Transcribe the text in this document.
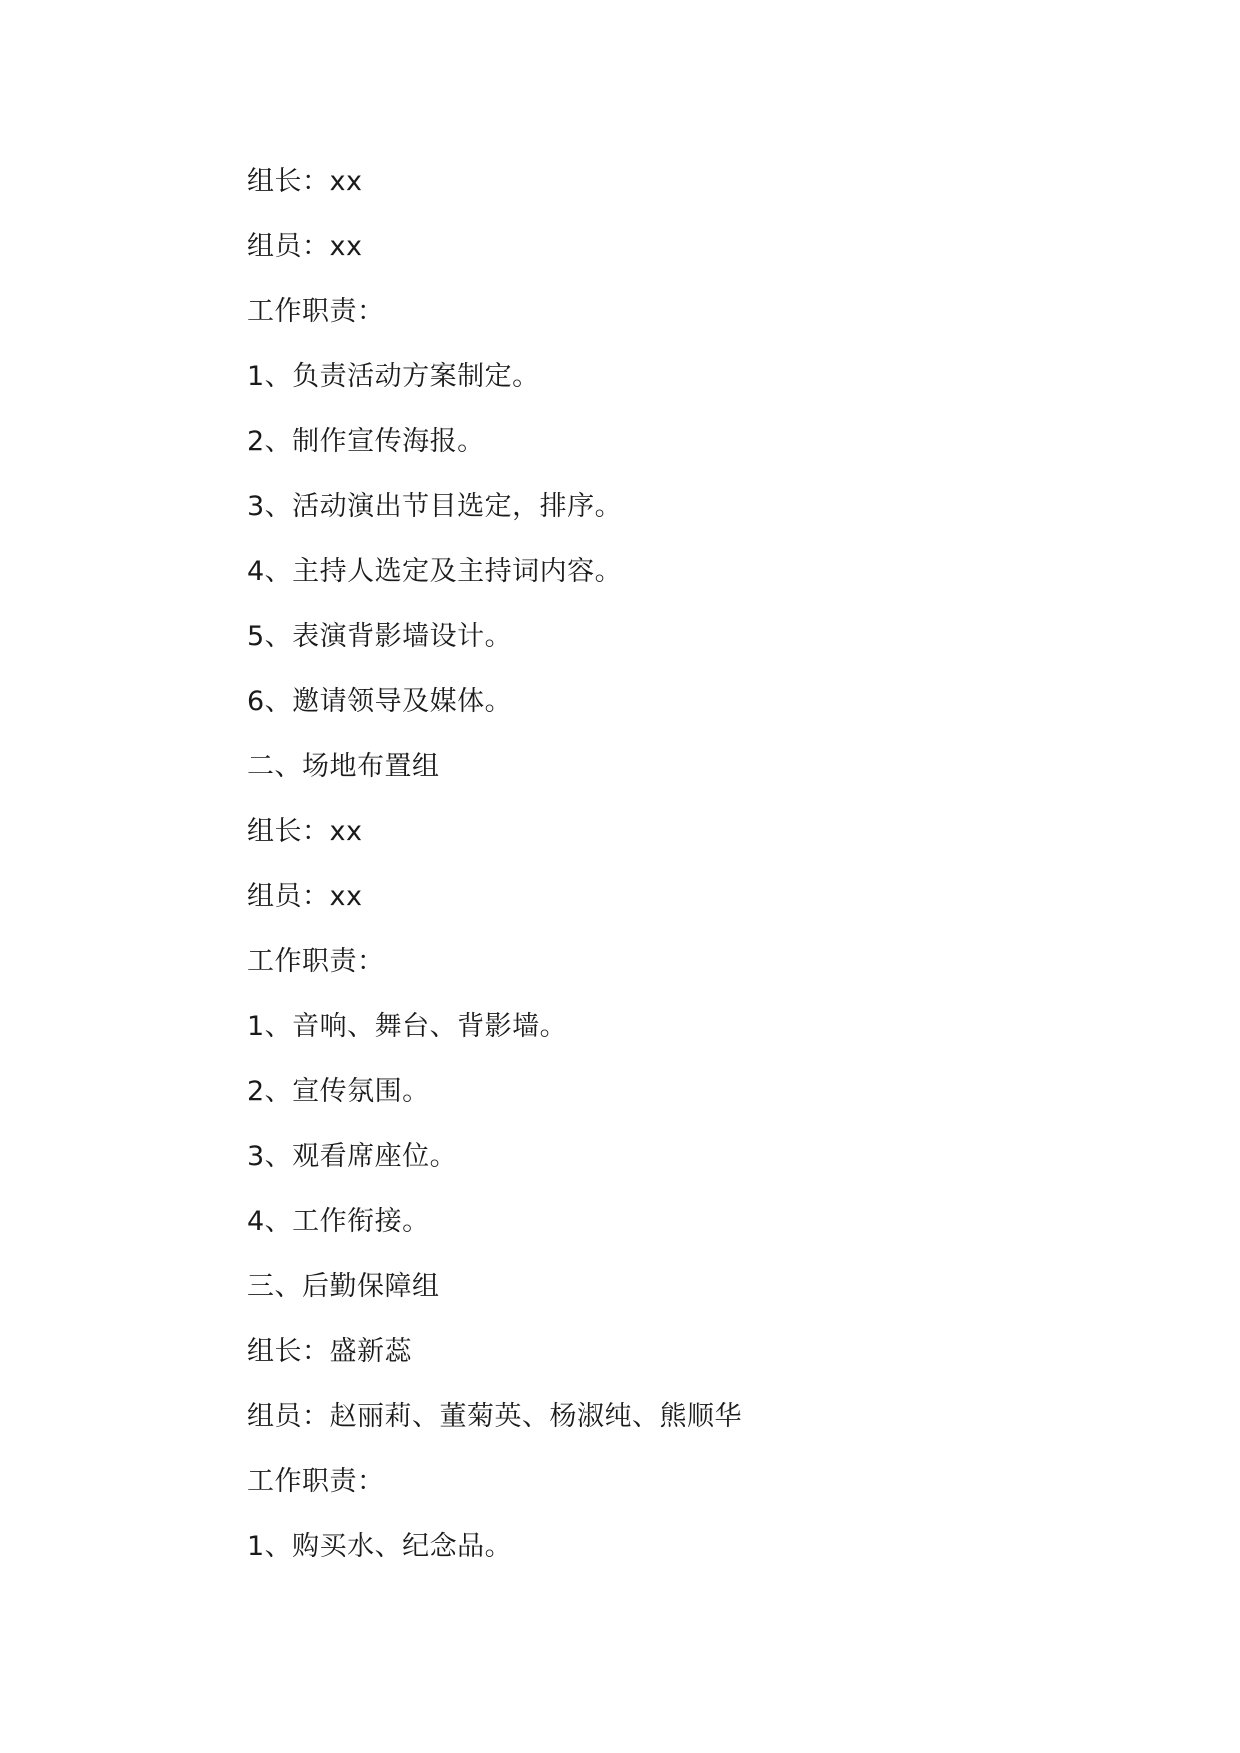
组长：xx
组员：xx
工作职责：
1、负责活动方案制定。
2、制作宣传海报。
3、活动演出节目选定，排序。
4、主持人选定及主持词内容。
5、表演背影墙设计。
6、邀请领导及媒体。
二、场地布置组
组长：xx
组员：xx
工作职责：
1、音响、舞台、背影墙。
2、宣传氛围。
3、观看席座位。
4、工作衔接。
三、后勤保障组
组长：盛新蕊
组员：赵丽莉、董菊英、杨淑纯、熊顺华
工作职责：
1、购买水、纪念品。
